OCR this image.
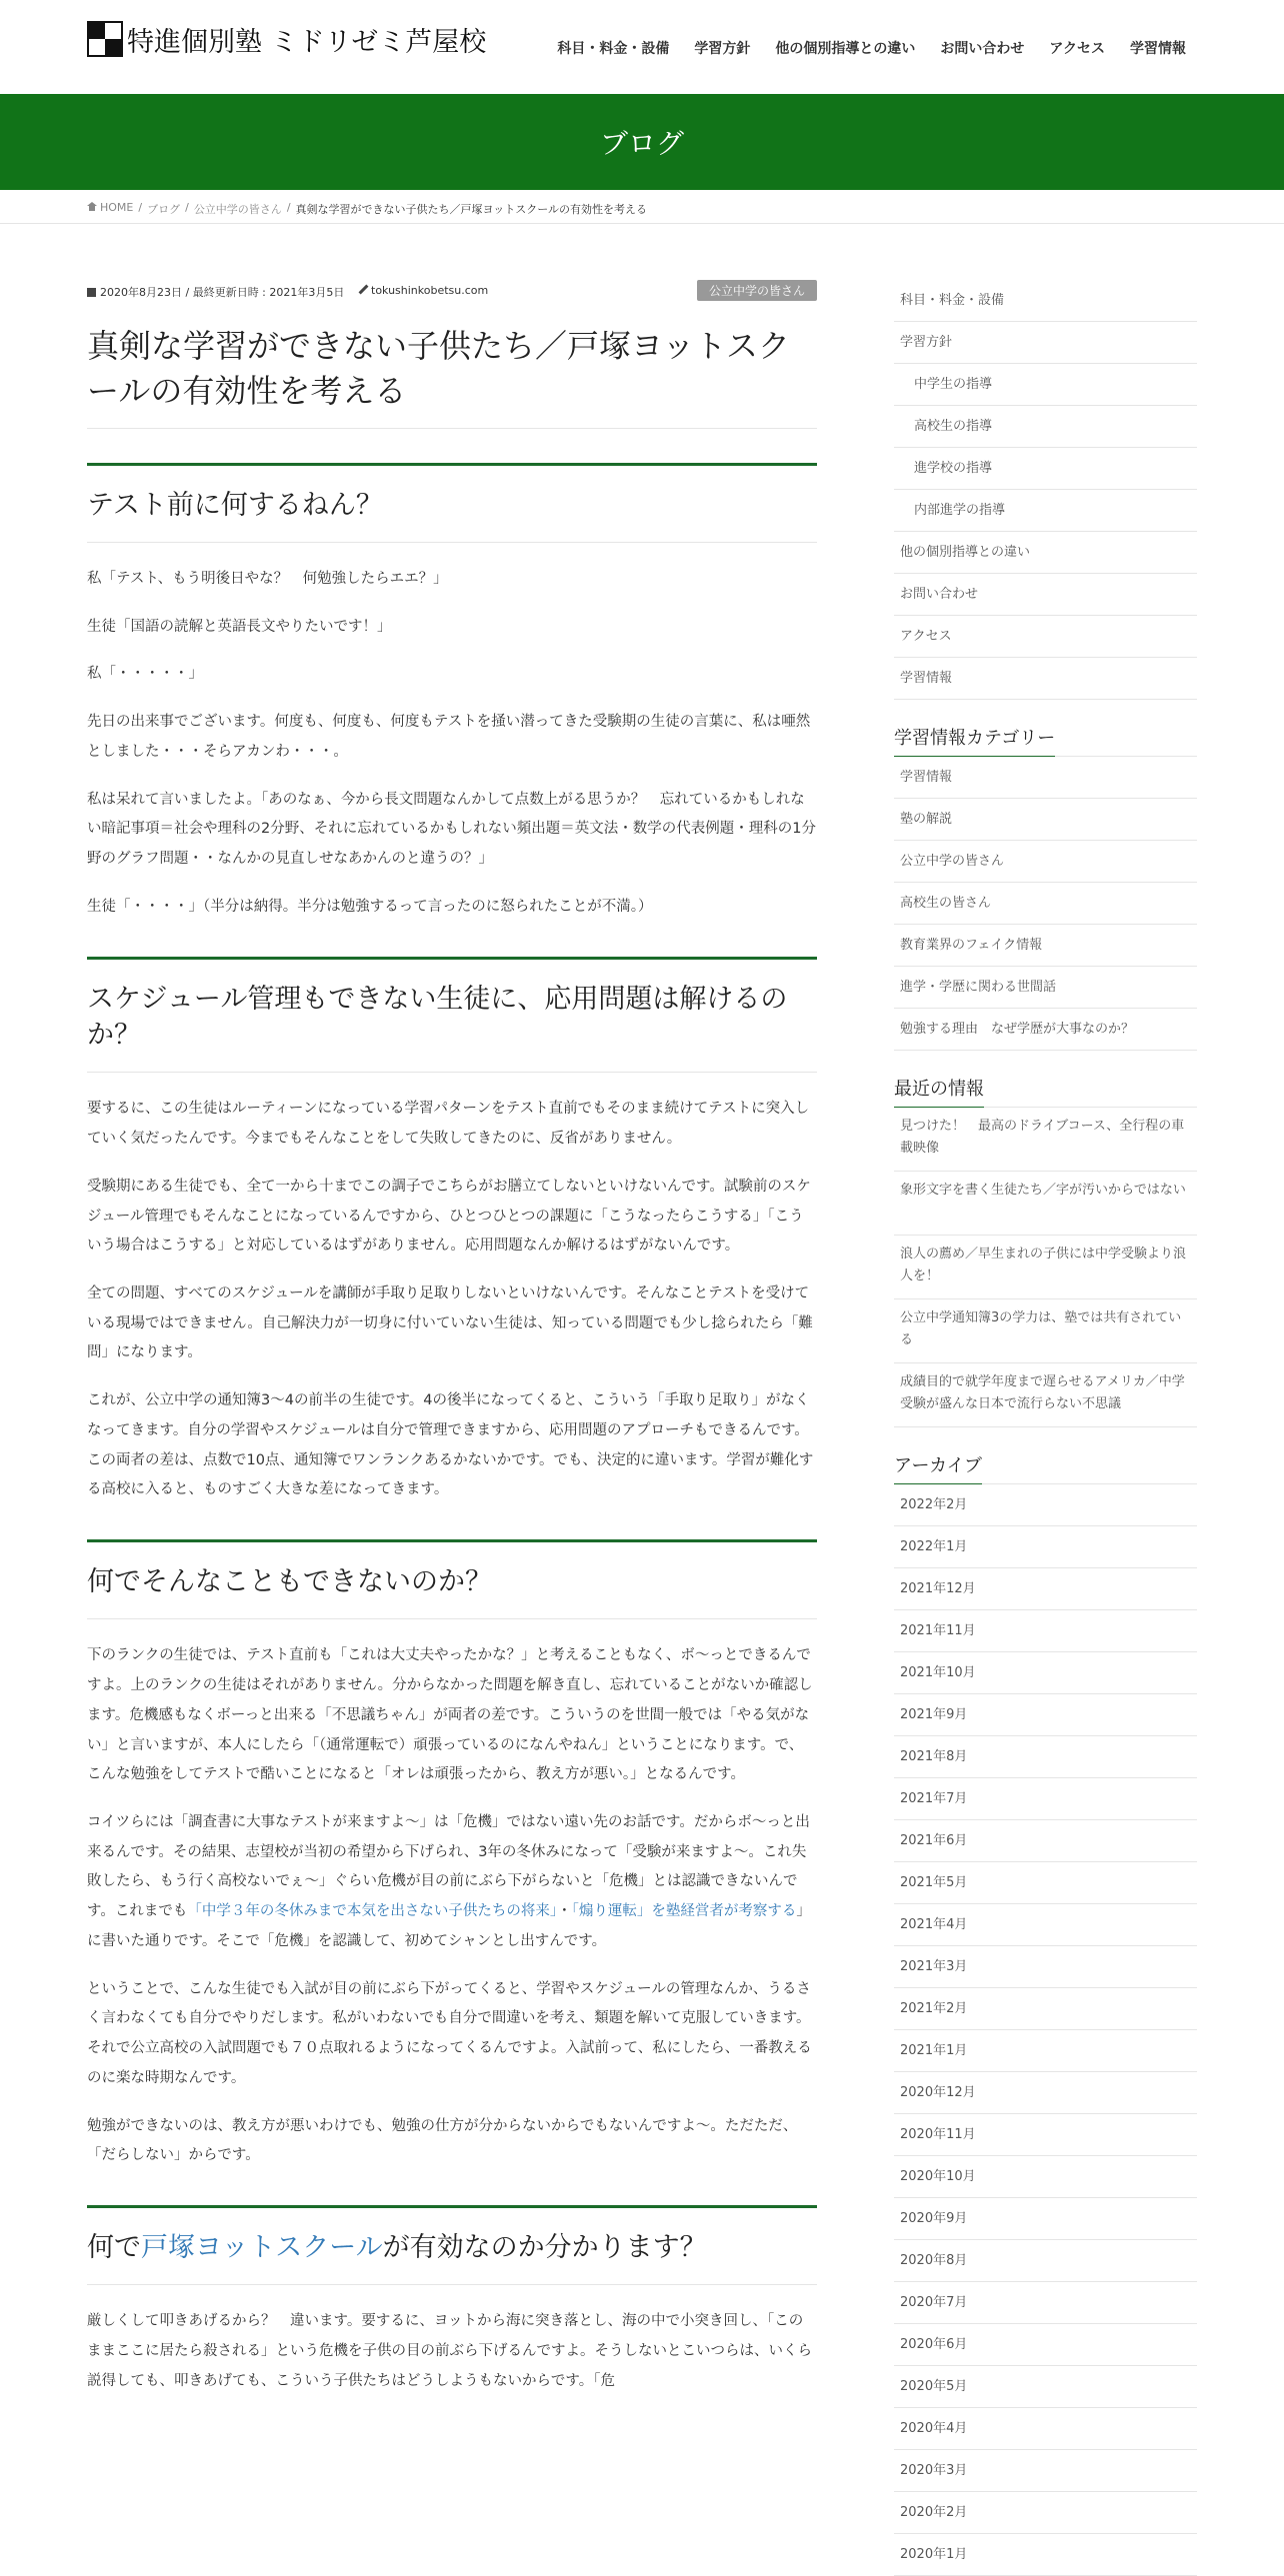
特進個別塾 ミドリゼミ芦屋校	科目・料金・設備 学習方針 他の個別指導との違い お問い合わせ アクセス 学習情報
ブログ
HOME / ブログ / 公立中学の皆さん / 真剣な学習ができない子供たち／戸塚ヨットスクールの有効性を考える
2020年8月23日 / 最終更新日時 : 2021年3月5日	tokushinkobetsu.com	公立中学の皆さん
真剣な学習ができない子供たち／戸塚ヨットスクールの有効性を考える
テスト前に何するねん？

私「テスト、もう明後日やな？　何勉強したらエエ？」

生徒「国語の読解と英語長文やりたいです！」

私「・・・・・」

先日の出来事でございます。何度も、何度も、何度もテストを掻い潜ってきた受験期の生徒の言葉に、私は唖然としました・・・そらアカンわ・・・。

私は呆れて言いましたよ。「あのなぁ、今から長文問題なんかして点数上がる思うか？　忘れているかもしれない暗記事項＝社会や理科の2分野、それに忘れているかもしれない頻出題＝英文法・数学の代表例題・理科の1分野のグラフ問題・・なんかの見直しせなあかんのと違うの？」

生徒「・・・・」（半分は納得。半分は勉強するって言ったのに怒られたことが不満。）

スケジュール管理もできない生徒に、応用問題は解けるのか？

要するに、この生徒はルーティーンになっている学習パターンをテスト直前でもそのまま続けてテストに突入していく気だったんです。今までもそんなことをして失敗してきたのに、反省がありません。

受験期にある生徒でも、全て一から十までこの調子でこちらがお膳立てしないといけないんです。試験前のスケジュール管理でもそんなことになっているんですから、ひとつひとつの課題に「こうなったらこうする」「こういう場合はこうする」と対応しているはずがありません。応用問題なんか解けるはずがないんです。

全ての問題、すべてのスケジュールを講師が手取り足取りしないといけないんです。そんなことテストを受けている現場ではできません。自己解決力が一切身に付いていない生徒は、知っている問題でも少し捻られたら「難問」になります。

これが、公立中学の通知簿3～4の前半の生徒です。4の後半になってくると、こういう「手取り足取り」がなくなってきます。自分の学習やスケジュールは自分で管理できますから、応用問題のアプローチもできるんです。この両者の差は、点数で10点、通知簿でワンランクあるかないかです。でも、決定的に違います。学習が難化する高校に入ると、ものすごく大きな差になってきます。

何でそんなこともできないのか？

下のランクの生徒では、テスト直前も「これは大丈夫やったかな？」と考えることもなく、ボ～っとできるんですよ。上のランクの生徒はそれがありません。分からなかった問題を解き直し、忘れていることがないか確認します。危機感もなくボーっと出来る「不思議ちゃん」が両者の差です。こういうのを世間一般では「やる気がない」と言いますが、本人にしたら「（通常運転で）頑張っているのになんやねん」ということになります。で、こんな勉強をしてテストで酷いことになると「オレは頑張ったから、教え方が悪い。」となるんです。

コイツらには「調査書に大事なテストが来ますよ～」は「危機」ではない遠い先のお話です。だからボ～っと出来るんです。その結果、志望校が当初の希望から下げられ、3年の冬休みになって「受験が来ますよ～。これ失敗したら、もう行く高校ないでぇ～」ぐらい危機が目の前にぶら下がらないと「危機」とは認識できないんです。これまでも「中学３年の冬休みまで本気を出さない子供たちの将来」・「煽り運転」を塾経営者が考察する」に書いた通りです。そこで「危機」を認識して、初めてシャンとし出すんです。

ということで、こんな生徒でも入試が目の前にぶら下がってくると、学習やスケジュールの管理なんか、うるさく言わなくても自分でやりだします。私がいわないでも自分で間違いを考え、類題を解いて克服していきます。それで公立高校の入試問題でも７０点取れるようになってくるんですよ。入試前って、私にしたら、一番教えるのに楽な時期なんです。

勉強ができないのは、教え方が悪いわけでも、勉強の仕方が分からないからでもないんですよ～。ただただ、「だらしない」からです。

何で戸塚ヨットスクールが有効なのか分かります？

厳しくして叩きあげるから？　違います。要するに、ヨットから海に突き落とし、海の中で小突き回し、「このままここに居たら殺される」という危機を子供の目の前ぶら下げるんですよ。そうしないとこいつらは、いくら説得しても、叩きあげても、こういう子供たちはどうしようもないからです。「危

科目・料金・設備
学習方針
中学生の指導
高校生の指導
進学校の指導
内部進学の指導
他の個別指導との違い
お問い合わせ
アクセス
学習情報
学習情報カテゴリー
学習情報
塾の解説
公立中学の皆さん
高校生の皆さん
教育業界のフェイク情報
進学・学歴に関わる世間話
勉強する理由　なぜ学歴が大事なのか？
最近の情報
見つけた！　最高のドライブコース、全行程の車載映像
象形文字を書く生徒たち／字が汚いからではない
浪人の薦め／早生まれの子供には中学受験より浪人を！
公立中学通知簿3の学力は、塾では共有されている
成績目的で就学年度まで遅らせるアメリカ／中学受験が盛んな日本で流行らない不思議
アーカイブ
2022年2月
2022年1月
2021年12月
2021年11月
2021年10月
2021年9月
2021年8月
2021年7月
2021年6月
2021年5月
2021年4月
2021年3月
2021年2月
2021年1月
2020年12月
2020年11月
2020年10月
2020年9月
2020年8月
2020年7月
2020年6月
2020年5月
2020年4月
2020年3月
2020年2月
2020年1月
